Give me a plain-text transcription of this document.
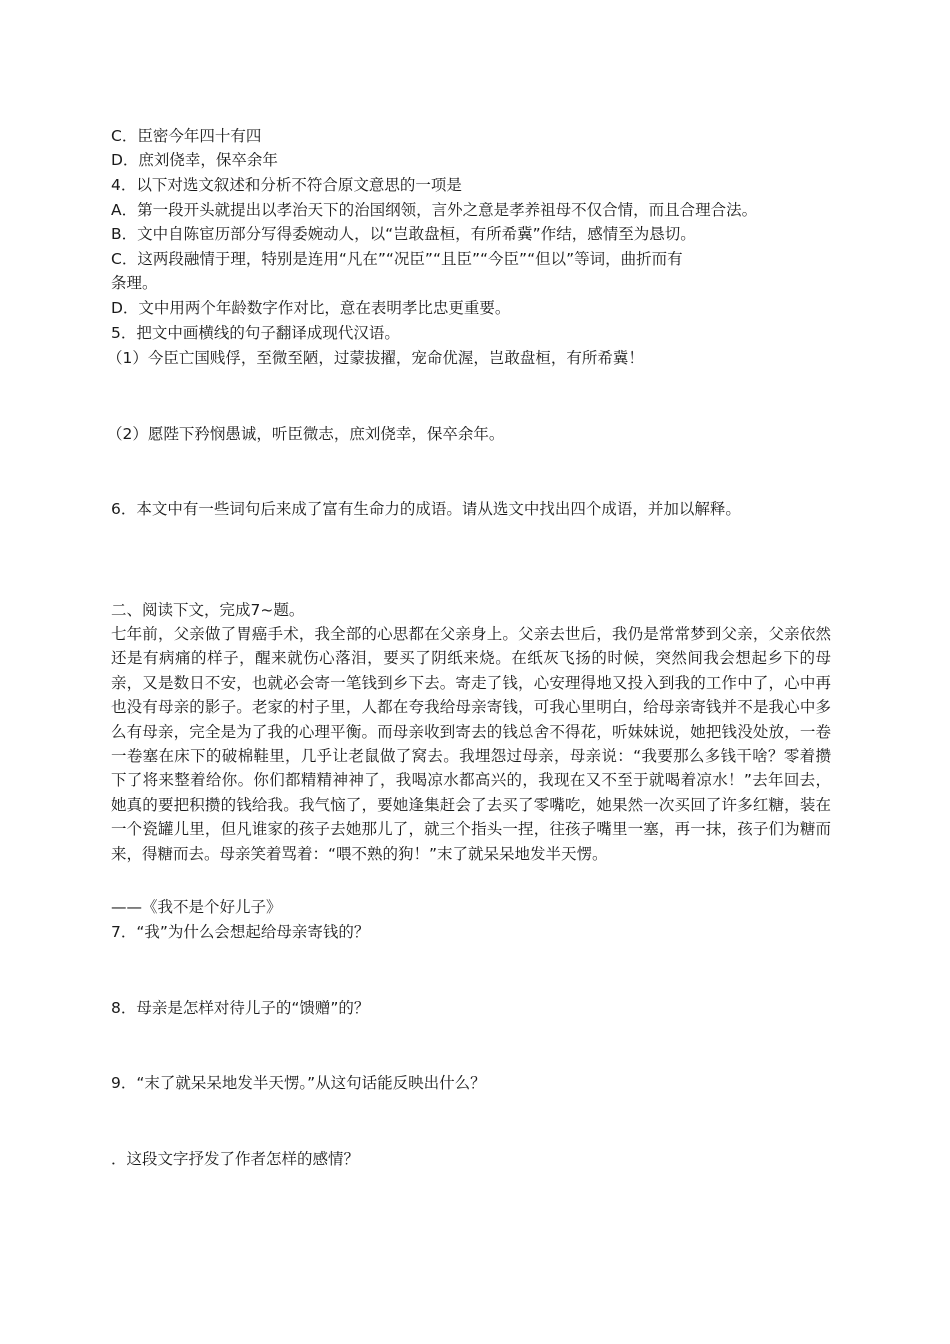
C．臣密今年四十有四
D．庶刘侥幸，保卒余年
4．以下对选文叙述和分析不符合原文意思的一项是
A．第一段开头就提出以孝治天下的治国纲领，言外之意是孝养祖母不仅合情，而且合理合法。
B．文中自陈宦历部分写得委婉动人，以“岂敢盘桓，有所希冀”作结，感情至为恳切。
C．这两段融情于理，特别是连用“凡在”“况臣”“且臣”“今臣”“但以”等词，曲折而有
条理。
D．文中用两个年龄数字作对比，意在表明孝比忠更重要。
5．把文中画横线的句子翻译成现代汉语。
（1）今臣亡国贱俘，至微至陋，过蒙拔擢，宠命优渥，岂敢盘桓，有所希冀！
（2）愿陛下矜悯愚诚，听臣微志，庶刘侥幸，保卒余年。
6．本文中有一些词句后来成了富有生命力的成语。请从选文中找出四个成语，并加以解释。
二、阅读下文，完成7~题。
七年前，父亲做了胃癌手术，我全部的心思都在父亲身上。父亲去世后，我仍是常常梦到父亲，父亲依然还是有病痛的样子，醒来就伤心落泪，要买了阴纸来烧。在纸灰飞扬的时候，突然间我会想起乡下的母亲，又是数日不安，也就必会寄一笔钱到乡下去。寄走了钱，心安理得地又投入到我的工作中了，心中再也没有母亲的影子。老家的村子里，人都在夸我给母亲寄钱，可我心里明白，给母亲寄钱并不是我心中多么有母亲，完全是为了我的心理平衡。而母亲收到寄去的钱总舍不得花，听妹妹说，她把钱没处放，一卷一卷塞在床下的破棉鞋里，几乎让老鼠做了窝去。我埋怨过母亲，母亲说：“我要那么多钱干啥？零着攒下了将来整着给你。你们都精精神神了，我喝凉水都高兴的，我现在又不至于就喝着凉水！”去年回去，她真的要把积攒的钱给我。我气恼了，要她逢集赶会了去买了零嘴吃，她果然一次买回了许多红糖，装在一个瓷罐儿里，但凡谁家的孩子去她那儿了，就三个指头一捏，往孩子嘴里一塞，再一抹，孩子们为糖而来，得糖而去。母亲笑着骂着：“喂不熟的狗！”末了就呆呆地发半天愣。
——《我不是个好儿子》
7．“我”为什么会想起给母亲寄钱的？
8．母亲是怎样对待儿子的“馈赠”的？
9．“末了就呆呆地发半天愣。”从这句话能反映出什么？
．这段文字抒发了作者怎样的感情？
